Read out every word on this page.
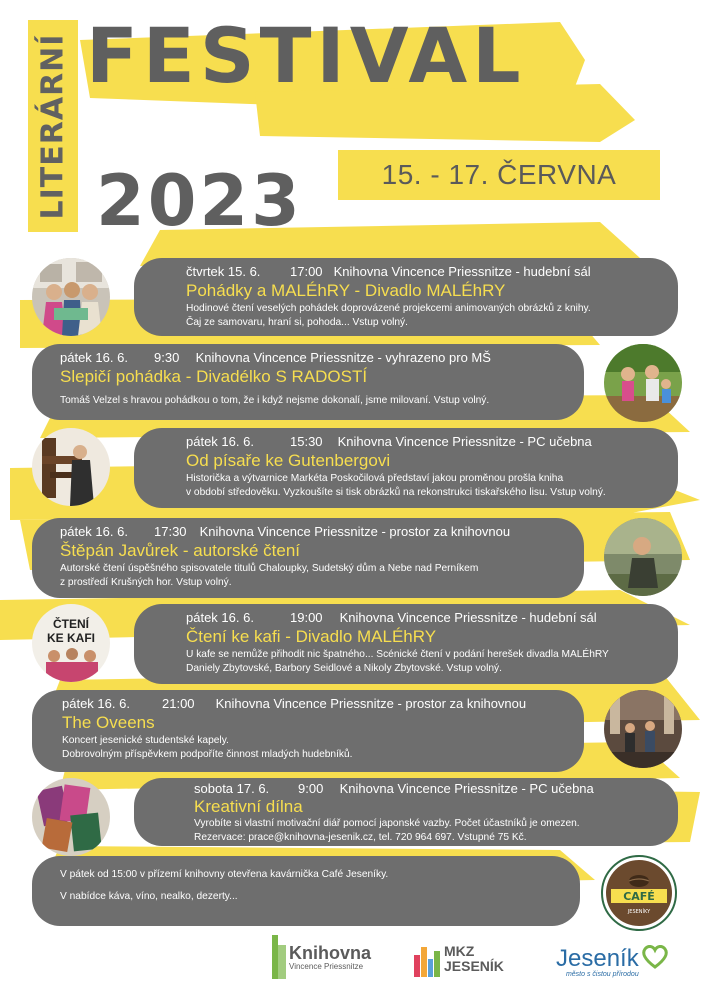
LITERÁRNÍ FESTIVAL
2023	15. - 17. ČERVNA
čtvrtek 15. 6. 17:00 Knihovna Vincence Priessnitze - hudební sál
Pohádky a MALÉhRY - Divadlo MALÉhRY
Hodinové čtení veselých pohádek doprovázené projekcemi animovaných obrázků z knihy.
Čaj ze samovaru, hraní si, pohoda... Vstup volný.
pátek 16. 6. 9:30 Knihovna Vincence Priessnitze - vyhrazeno pro MŠ
Slepičí pohádka - Divadélko S RADOSTÍ
Tomáš Velzel s hravou pohádkou o tom, že i když nejsme dokonalí, jsme milovaní. Vstup volný.
pátek 16. 6.	15:30 Knihovna Vincence Priessnitze - PC učebna
Od písaře ke Gutenbergovi
Historička a výtvarnice Markéta Poskočilová představí jakou proměnou prošla kniha
v období středověku. Vyzkoušíte si tisk obrázků na rekonstrukci tiskařského lisu. Vstup volný.
pátek 16. 6. 17:30 Knihovna Vincence Priessnitze - prostor za knihovnou
Štěpán Javůrek - autorské čtení
Autorské čtení úspěšného spisovatele titulů Chaloupky, Sudetský dům a Nebe nad Perníkem
z prostředí Krušných hor. Vstup volný.
pátek 16. 6.	19:00 Knihovna Vincence Priessnitze - hudební sál
Čtení ke kafi - Divadlo MALÉhRY
U kafe se nemůže přihodit nic špatného... Scénické čtení v podání herešek divadla MALÉhRY
Daniely Zbytovské, Barbory Seidlové a Nikoly Zbytovské. Vstup volný.
pátek 16. 6. 21:00 Knihovna Vincence Priessnitze - prostor za knihovnou
The Oveens
Koncert jesenické studentské kapely.
Dobrovolným příspěvkem podpoříte činnost mladých hudebníků.
sobota 17. 6. 9:00 Knihovna Vincence Priessnitze - PC učebna
Kreativní dílna
Vyrobíte si vlastní motivační diář pomocí japonské vazby. Počet účastníků je omezen.
Rezervace: prace@knihovna-jesenik.cz, tel. 720 964 697. Vstupné 75 Kč.
V pátek od 15:00 v přízemí knihovny otevřena kavárnička Café Jeseníky.
V nabídce káva, víno, nealko, dezerty...
ČTENÍ
KE KAFI
CAFÉ
JESENÍKY
Knihovna
Vincence Priessnitze
MKZ
JESENÍK Jeseník
město s čistou přírodou
